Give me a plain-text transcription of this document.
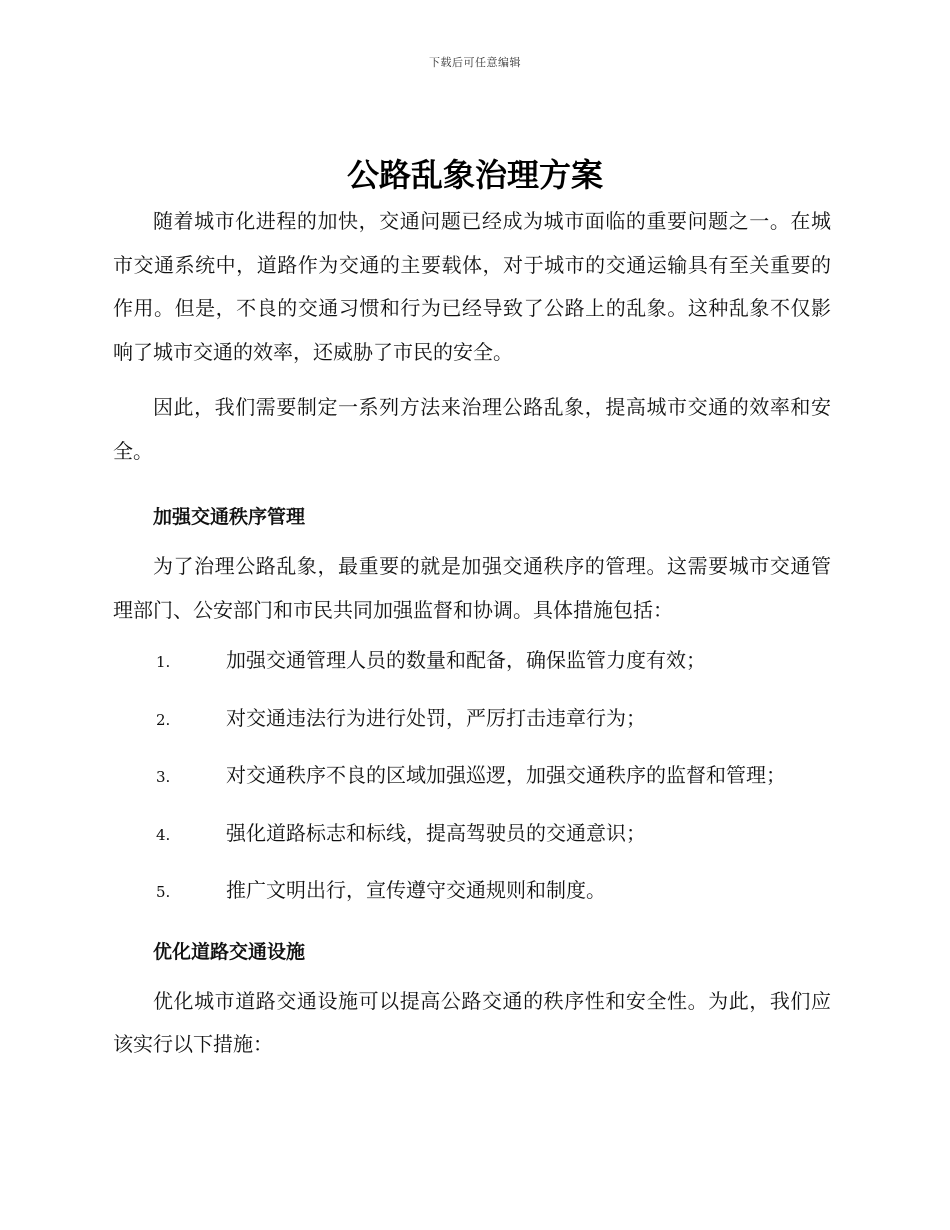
下载后可任意编辑
公路乱象治理方案

随着城市化进程的加快，交通问题已经成为城市面临的重要问题之一。在城市交通系统中，道路作为交通的主要载体，对于城市的交通运输具有至关重要的作用。但是，不良的交通习惯和行为已经导致了公路上的乱象。这种乱象不仅影响了城市交通的效率，还威胁了市民的安全。

因此，我们需要制定一系列方法来治理公路乱象，提高城市交通的效率和安全。

加强交通秩序管理

为了治理公路乱象，最重要的就是加强交通秩序的管理。这需要城市交通管理部门、公安部门和市民共同加强监督和协调。具体措施包括：

1.	加强交通管理人员的数量和配备，确保监管力度有效；
2.	对交通违法行为进行处罚，严厉打击违章行为；
3.	对交通秩序不良的区域加强巡逻，加强交通秩序的监督和管理；
4.	强化道路标志和标线，提高驾驶员的交通意识；
5.	推广文明出行，宣传遵守交通规则和制度。
优化道路交通设施

优化城市道路交通设施可以提高公路交通的秩序性和安全性。为此，我们应该实行以下措施：
